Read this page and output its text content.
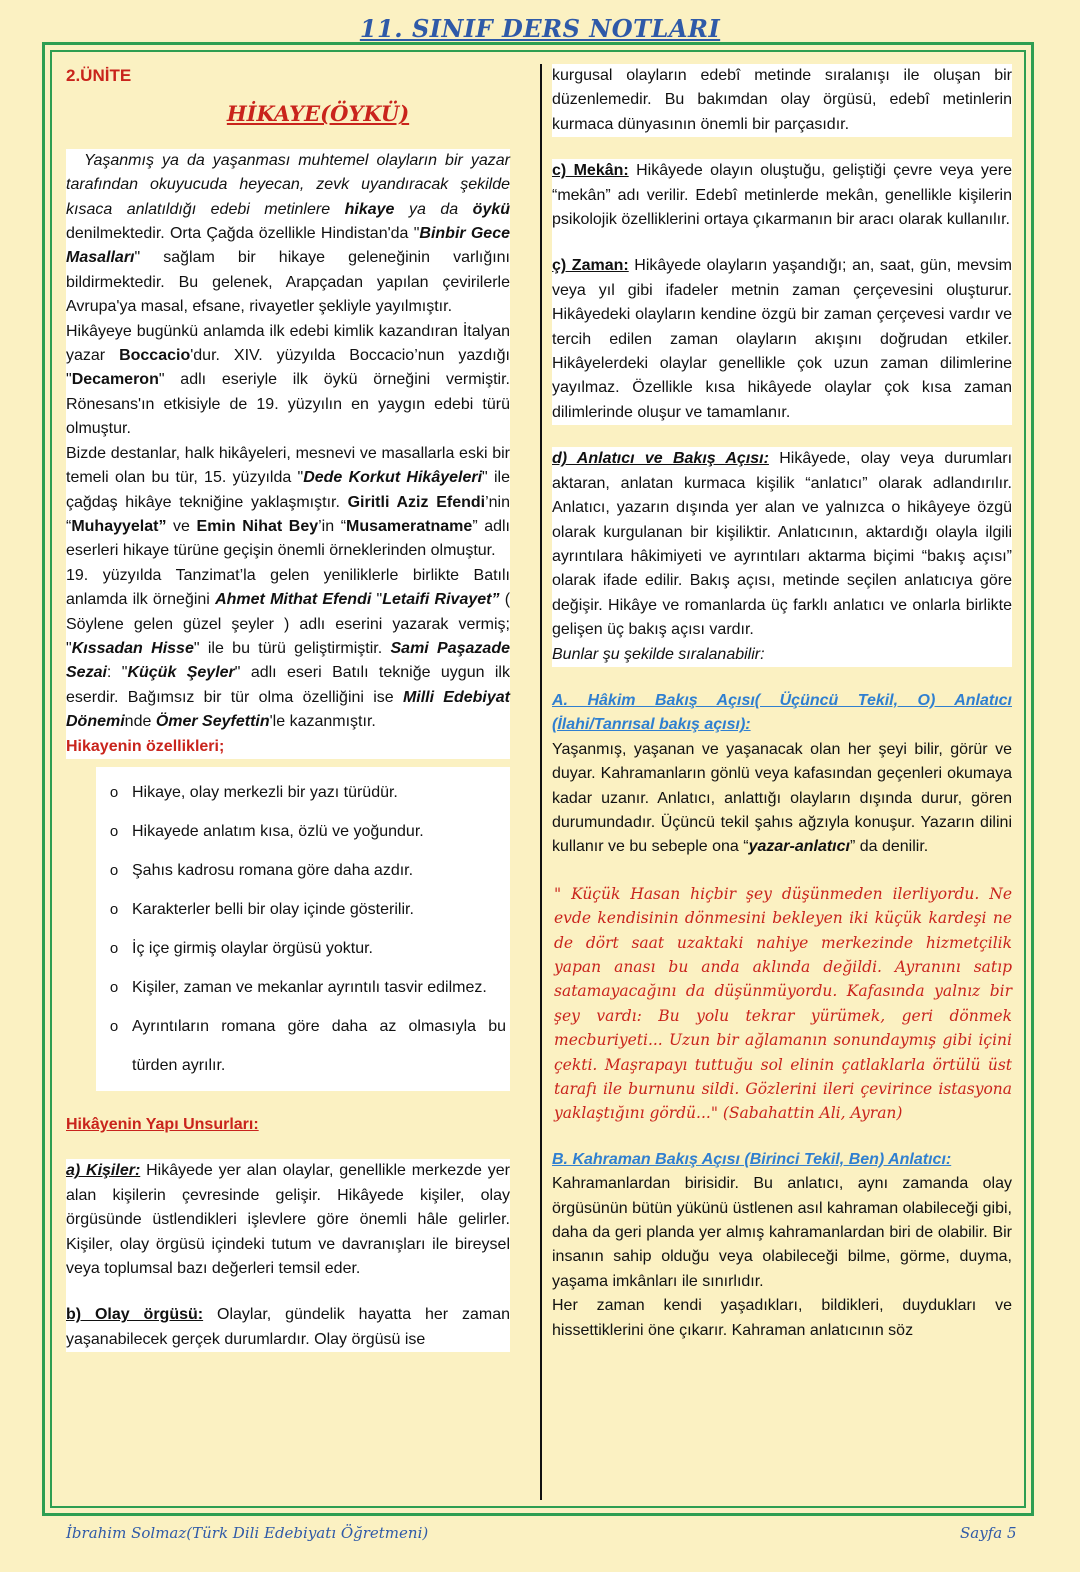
11. SINIF DERS NOTLARI
2.ÜNİTE
HİKAYE(ÖYKÜ)

Yaşanmış ya da yaşanması muhtemel olayların bir yazar tarafından okuyucuda heyecan, zevk uyandıracak şekilde kısaca anlatıldığı edebi metinlere hikaye ya da öykü denilmektedir. Orta Çağda özellikle Hindistan'da "Binbir Gece Masalları" sağlam bir hikaye geleneğinin varlığını bildirmektedir. Bu gelenek, Arapçadan yapılan çevirilerle Avrupa'ya masal, efsane, rivayetler şekliyle yayılmıştır.

Hikâyeye bugünkü anlamda ilk edebi kimlik kazandıran İtalyan yazar Boccacio'dur. XIV. yüzyılda Boccacio’nun yazdığı "Decameron" adlı eseriyle ilk öykü örneğini vermiştir. Rönesans'ın etkisiyle de 19. yüzyılın en yaygın edebi türü olmuştur.

Bizde destanlar, halk hikâyeleri, mesnevi ve masallarla eski bir temeli olan bu tür, 15. yüzyılda "Dede Korkut Hikâyeleri" ile çağdaş hikâye tekniğine yaklaşmıştır. Giritli Aziz Efendi’nin “Muhayyelat” ve Emin Nihat Bey’in “Musameratname” adlı eserleri hikaye türüne geçişin önemli örneklerinden olmuştur.

19. yüzyılda Tanzimat’la gelen yeniliklerle birlikte Batılı anlamda ilk örneğini Ahmet Mithat Efendi "Letaifi Rivayet” ( Söylene gelen güzel şeyler ) adlı eserini yazarak vermiş; "Kıssadan Hisse" ile bu türü geliştirmiştir. Sami Paşazade Sezai: "Küçük Şeyler" adlı eseri Batılı tekniğe uygun ilk eserdir. Bağımsız bir tür olma özelliğini ise Milli Edebiyat Döneminde Ömer Seyfettin'le kazanmıştır.

Hikayenin özellikleri;
o Hikaye, olay merkezli bir yazı türüdür.
o Hikayede anlatım kısa, özlü ve yoğundur.
o Şahıs kadrosu romana göre daha azdır.
o Karakterler belli bir olay içinde gösterilir.
o İç içe girmiş olaylar örgüsü yoktur.
o Kişiler, zaman ve mekanlar ayrıntılı tasvir edilmez.
o Ayrıntıların romana göre daha az olmasıyla bu türden ayrılır.
Hikâyenin Yapı Unsurları:

a) Kişiler: Hikâyede yer alan olaylar, genellikle merkezde yer alan kişilerin çevresinde gelişir. Hikâyede kişiler, olay örgüsünde üstlendikleri işlevlere göre önemli hâle gelirler. Kişiler, olay örgüsü içindeki tutum ve davranışları ile bireysel veya toplumsal bazı değerleri temsil eder.

b) Olay örgüsü: Olaylar, gündelik hayatta her zaman yaşanabilecek gerçek durumlardır. Olay örgüsü ise

kurgusal olayların edebî metinde sıralanışı ile oluşan bir düzenlemedir. Bu bakımdan olay örgüsü, edebî metinlerin kurmaca dünyasının önemli bir parçasıdır.

c) Mekân: Hikâyede olayın oluştuğu, geliştiği çevre veya yere “mekân” adı verilir. Edebî metinlerde mekân, genellikle kişilerin psikolojik özelliklerini ortaya çıkarmanın bir aracı olarak kullanılır.

ç) Zaman: Hikâyede olayların yaşandığı; an, saat, gün, mevsim veya yıl gibi ifadeler metnin zaman çerçevesini oluşturur. Hikâyedeki olayların kendine özgü bir zaman çerçevesi vardır ve tercih edilen zaman olayların akışını doğrudan etkiler. Hikâyelerdeki olaylar genellikle çok uzun zaman dilimlerine yayılmaz. Özellikle kısa hikâyede olaylar çok kısa zaman dilimlerinde oluşur ve tamamlanır.

d) Anlatıcı ve Bakış Açısı: Hikâyede, olay veya durumları aktaran, anlatan kurmaca kişilik “anlatıcı” olarak adlandırılır. Anlatıcı, yazarın dışında yer alan ve yalnızca o hikâyeye özgü olarak kurgulanan bir kişiliktir. Anlatıcının, aktardığı olayla ilgili ayrıntılara hâkimiyeti ve ayrıntıları aktarma biçimi “bakış açısı” olarak ifade edilir. Bakış açısı, metinde seçilen anlatıcıya göre değişir. Hikâye ve romanlarda üç farklı anlatıcı ve onlarla birlikte gelişen üç bakış açısı vardır.

Bunlar şu şekilde sıralanabilir:

A. Hâkim Bakış Açısı( Üçüncü Tekil, O) Anlatıcı (İlahi/Tanrısal bakış açısı):

Yaşanmış, yaşanan ve yaşanacak olan her şeyi bilir, görür ve duyar. Kahramanların gönlü veya kafasından geçenleri okumaya kadar uzanır. Anlatıcı, anlattığı olayların dışında durur, gören durumundadır. Üçüncü tekil şahıs ağzıyla konuşur. Yazarın dilini kullanır ve bu sebeple ona “yazar-anlatıcı” da denilir.

" Küçük Hasan hiçbir şey düşünmeden ilerliyordu. Ne evde kendisinin dönmesini bekleyen iki küçük kardeşi ne de dört saat uzaktaki nahiye merkezinde hizmetçilik yapan anası bu anda aklında değildi. Ayranını satıp satamayacağını da düşünmüyordu. Kafasında yalnız bir şey vardı: Bu yolu tekrar yürümek, geri dönmek mecburiyeti... Uzun bir ağlamanın sonundaymış gibi içini çekti. Maşrapayı tuttuğu sol elinin çatlaklarla örtülü üst tarafı ile burnunu sildi. Gözlerini ileri çevirince istasyona yaklaştığını gördü..." (Sabahattin Ali, Ayran)

B. Kahraman Bakış Açısı (Birinci Tekil, Ben) Anlatıcı:

Kahramanlardan birisidir. Bu anlatıcı, aynı zamanda olay örgüsünün bütün yükünü üstlenen asıl kahraman olabileceği gibi, daha da geri planda yer almış kahramanlardan biri de olabilir. Bir insanın sahip olduğu veya olabileceği bilme, görme, duyma, yaşama imkânları ile sınırlıdır.

Her zaman kendi yaşadıkları, bildikleri, duydukları ve hissettiklerini öne çıkarır. Kahraman anlatıcının söz

İbrahim Solmaz(Türk Dili Edebiyatı Öğretmeni)	Sayfa 5
